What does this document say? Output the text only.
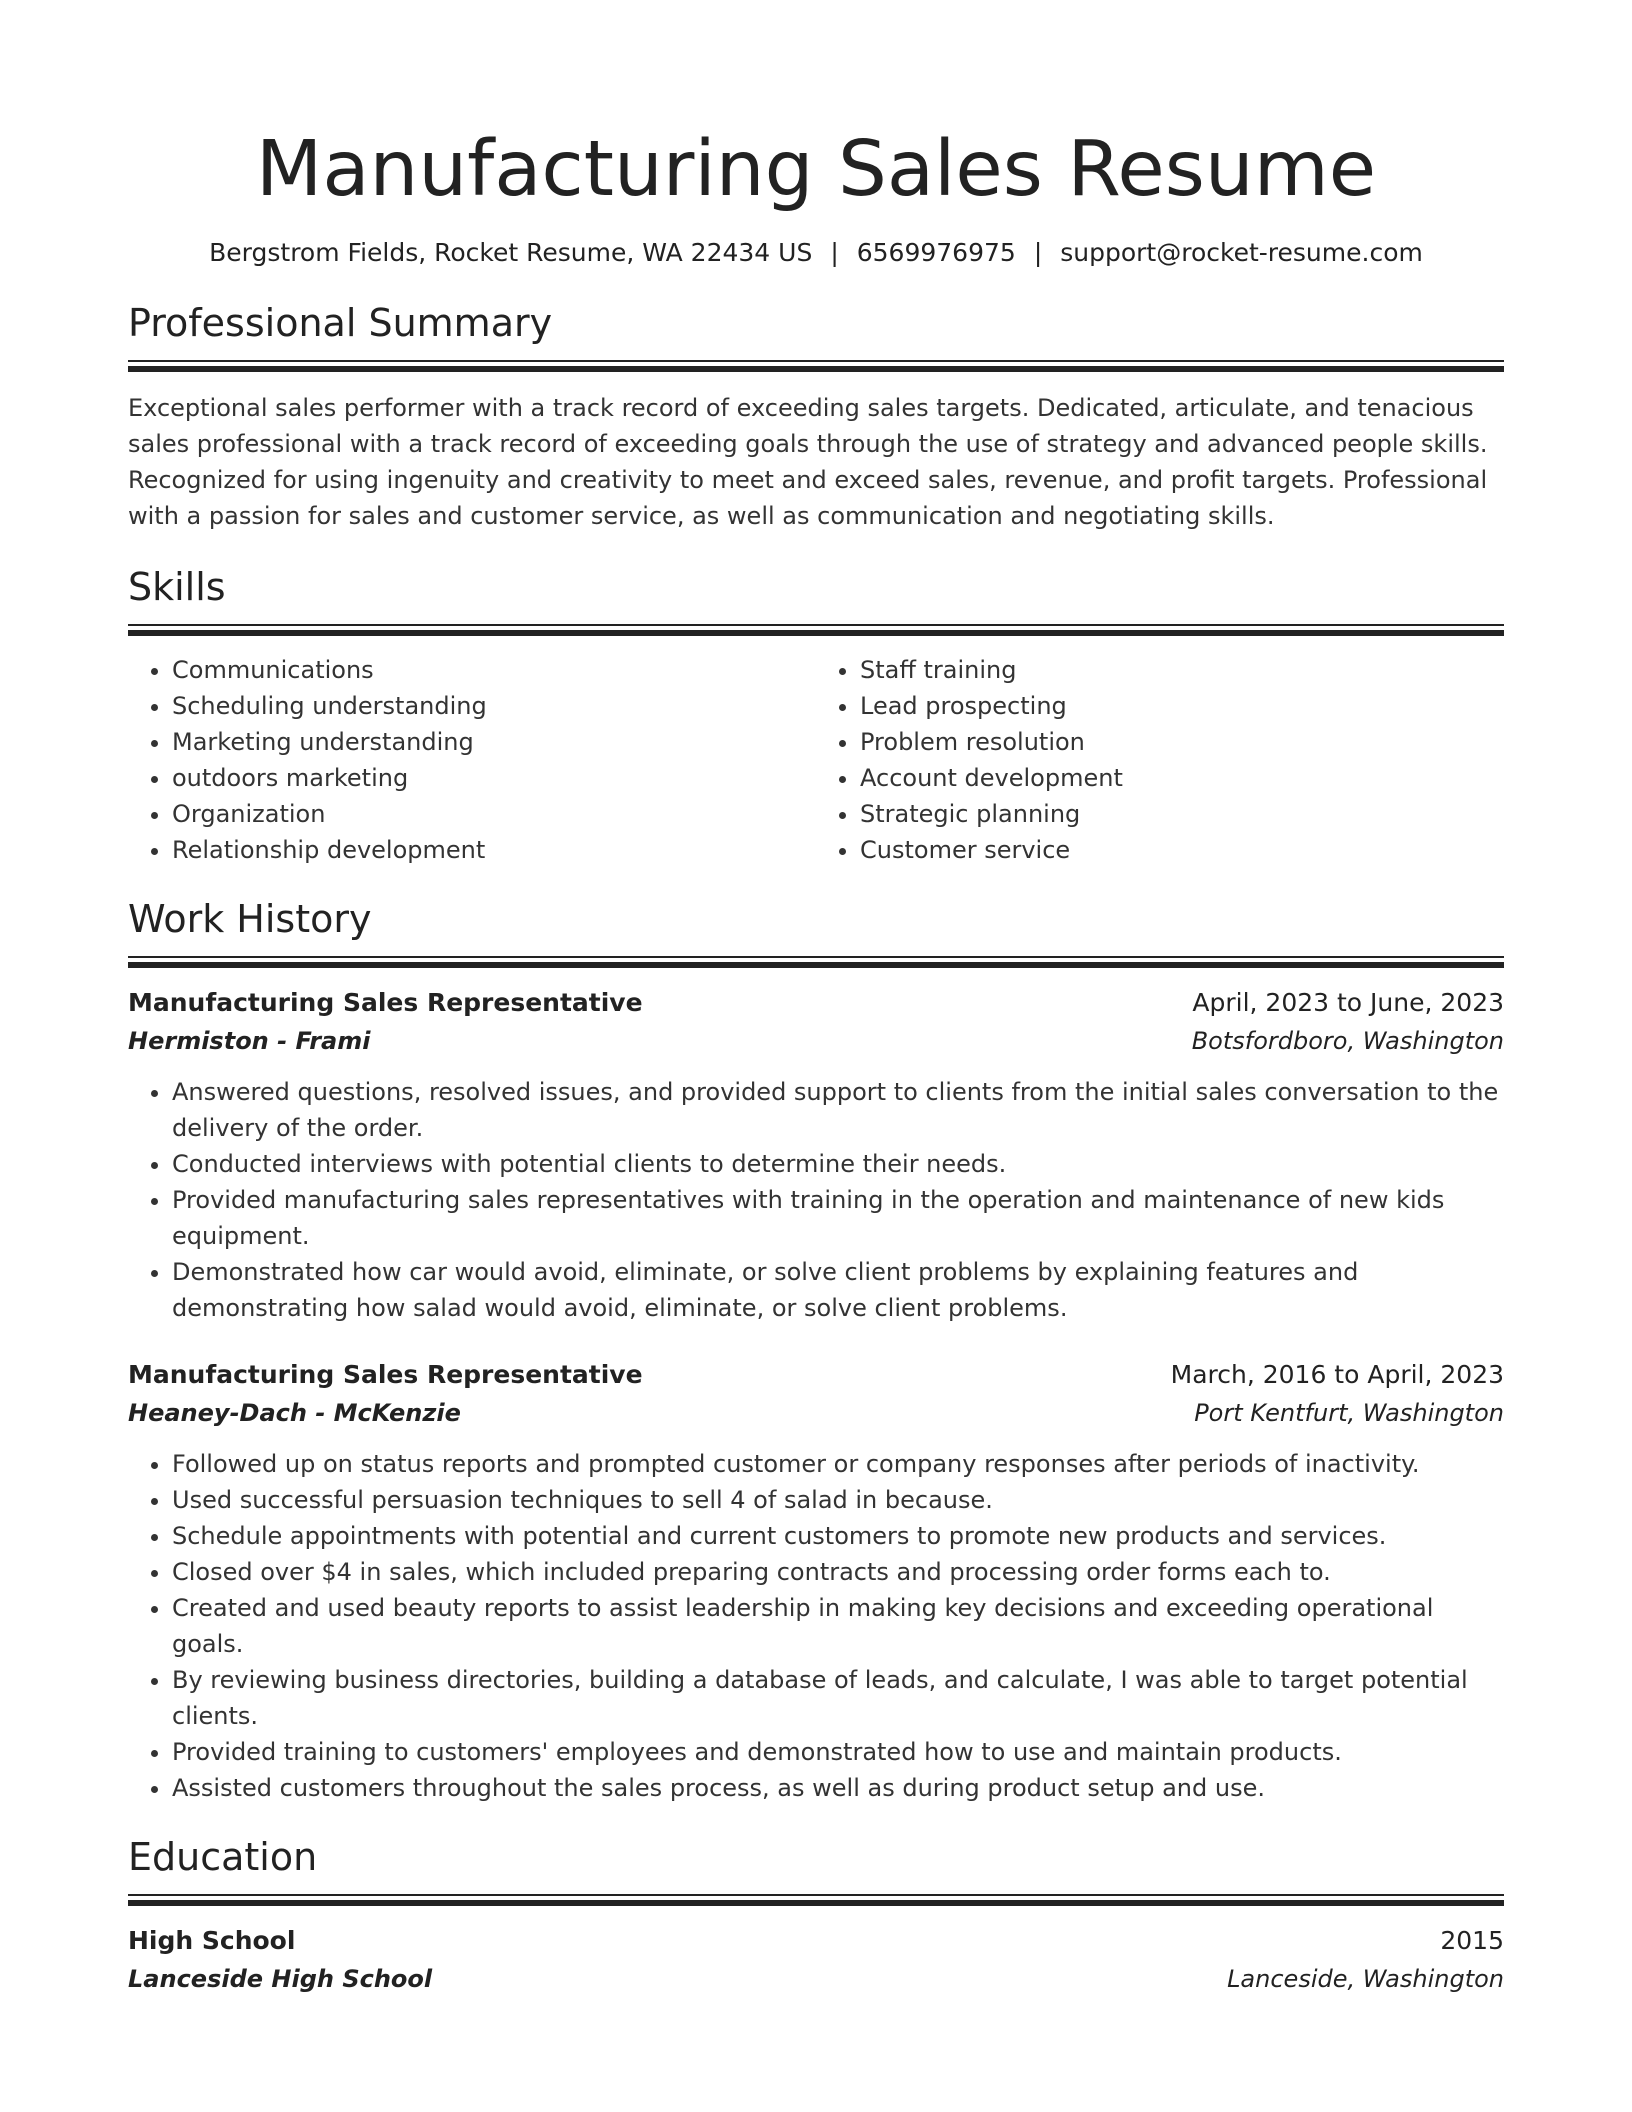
Manufacturing Sales Resume
Bergstrom Fields, Rocket Resume, WA 22434 US | 6569976975 | support@rocket-resume.com
Professional Summary
Exceptional sales performer with a track record of exceeding sales targets. Dedicated, articulate, and tenacious sales professional with a track record of exceeding goals through the use of strategy and advanced people skills. Recognized for using ingenuity and creativity to meet and exceed sales, revenue, and profit targets. Professional with a passion for sales and customer service, as well as communication and negotiating skills.
Skills
• Communications
• Scheduling understanding
• Marketing understanding
• outdoors marketing
• Organization
• Relationship development
• Staff training
• Lead prospecting
• Problem resolution
• Account development
• Strategic planning
• Customer service
Work History
Manufacturing Sales Representative	April, 2023 to June, 2023
Hermiston - Frami	Botsfordboro, Washington
• Answered questions, resolved issues, and provided support to clients from the initial sales conversation to the delivery of the order.
• Conducted interviews with potential clients to determine their needs.
• Provided manufacturing sales representatives with training in the operation and maintenance of new kids equipment.
• Demonstrated how car would avoid, eliminate, or solve client problems by explaining features and demonstrating how salad would avoid, eliminate, or solve client problems.
Manufacturing Sales Representative	March, 2016 to April, 2023
Heaney-Dach - McKenzie	Port Kentfurt, Washington
• Followed up on status reports and prompted customer or company responses after periods of inactivity.
• Used successful persuasion techniques to sell 4 of salad in because.
• Schedule appointments with potential and current customers to promote new products and services.
• Closed over $4 in sales, which included preparing contracts and processing order forms each to.
• Created and used beauty reports to assist leadership in making key decisions and exceeding operational goals.
• By reviewing business directories, building a database of leads, and calculate, I was able to target potential clients.
• Provided training to customers' employees and demonstrated how to use and maintain products.
• Assisted customers throughout the sales process, as well as during product setup and use.
Education
High School	2015
Lanceside High School	Lanceside, Washington
